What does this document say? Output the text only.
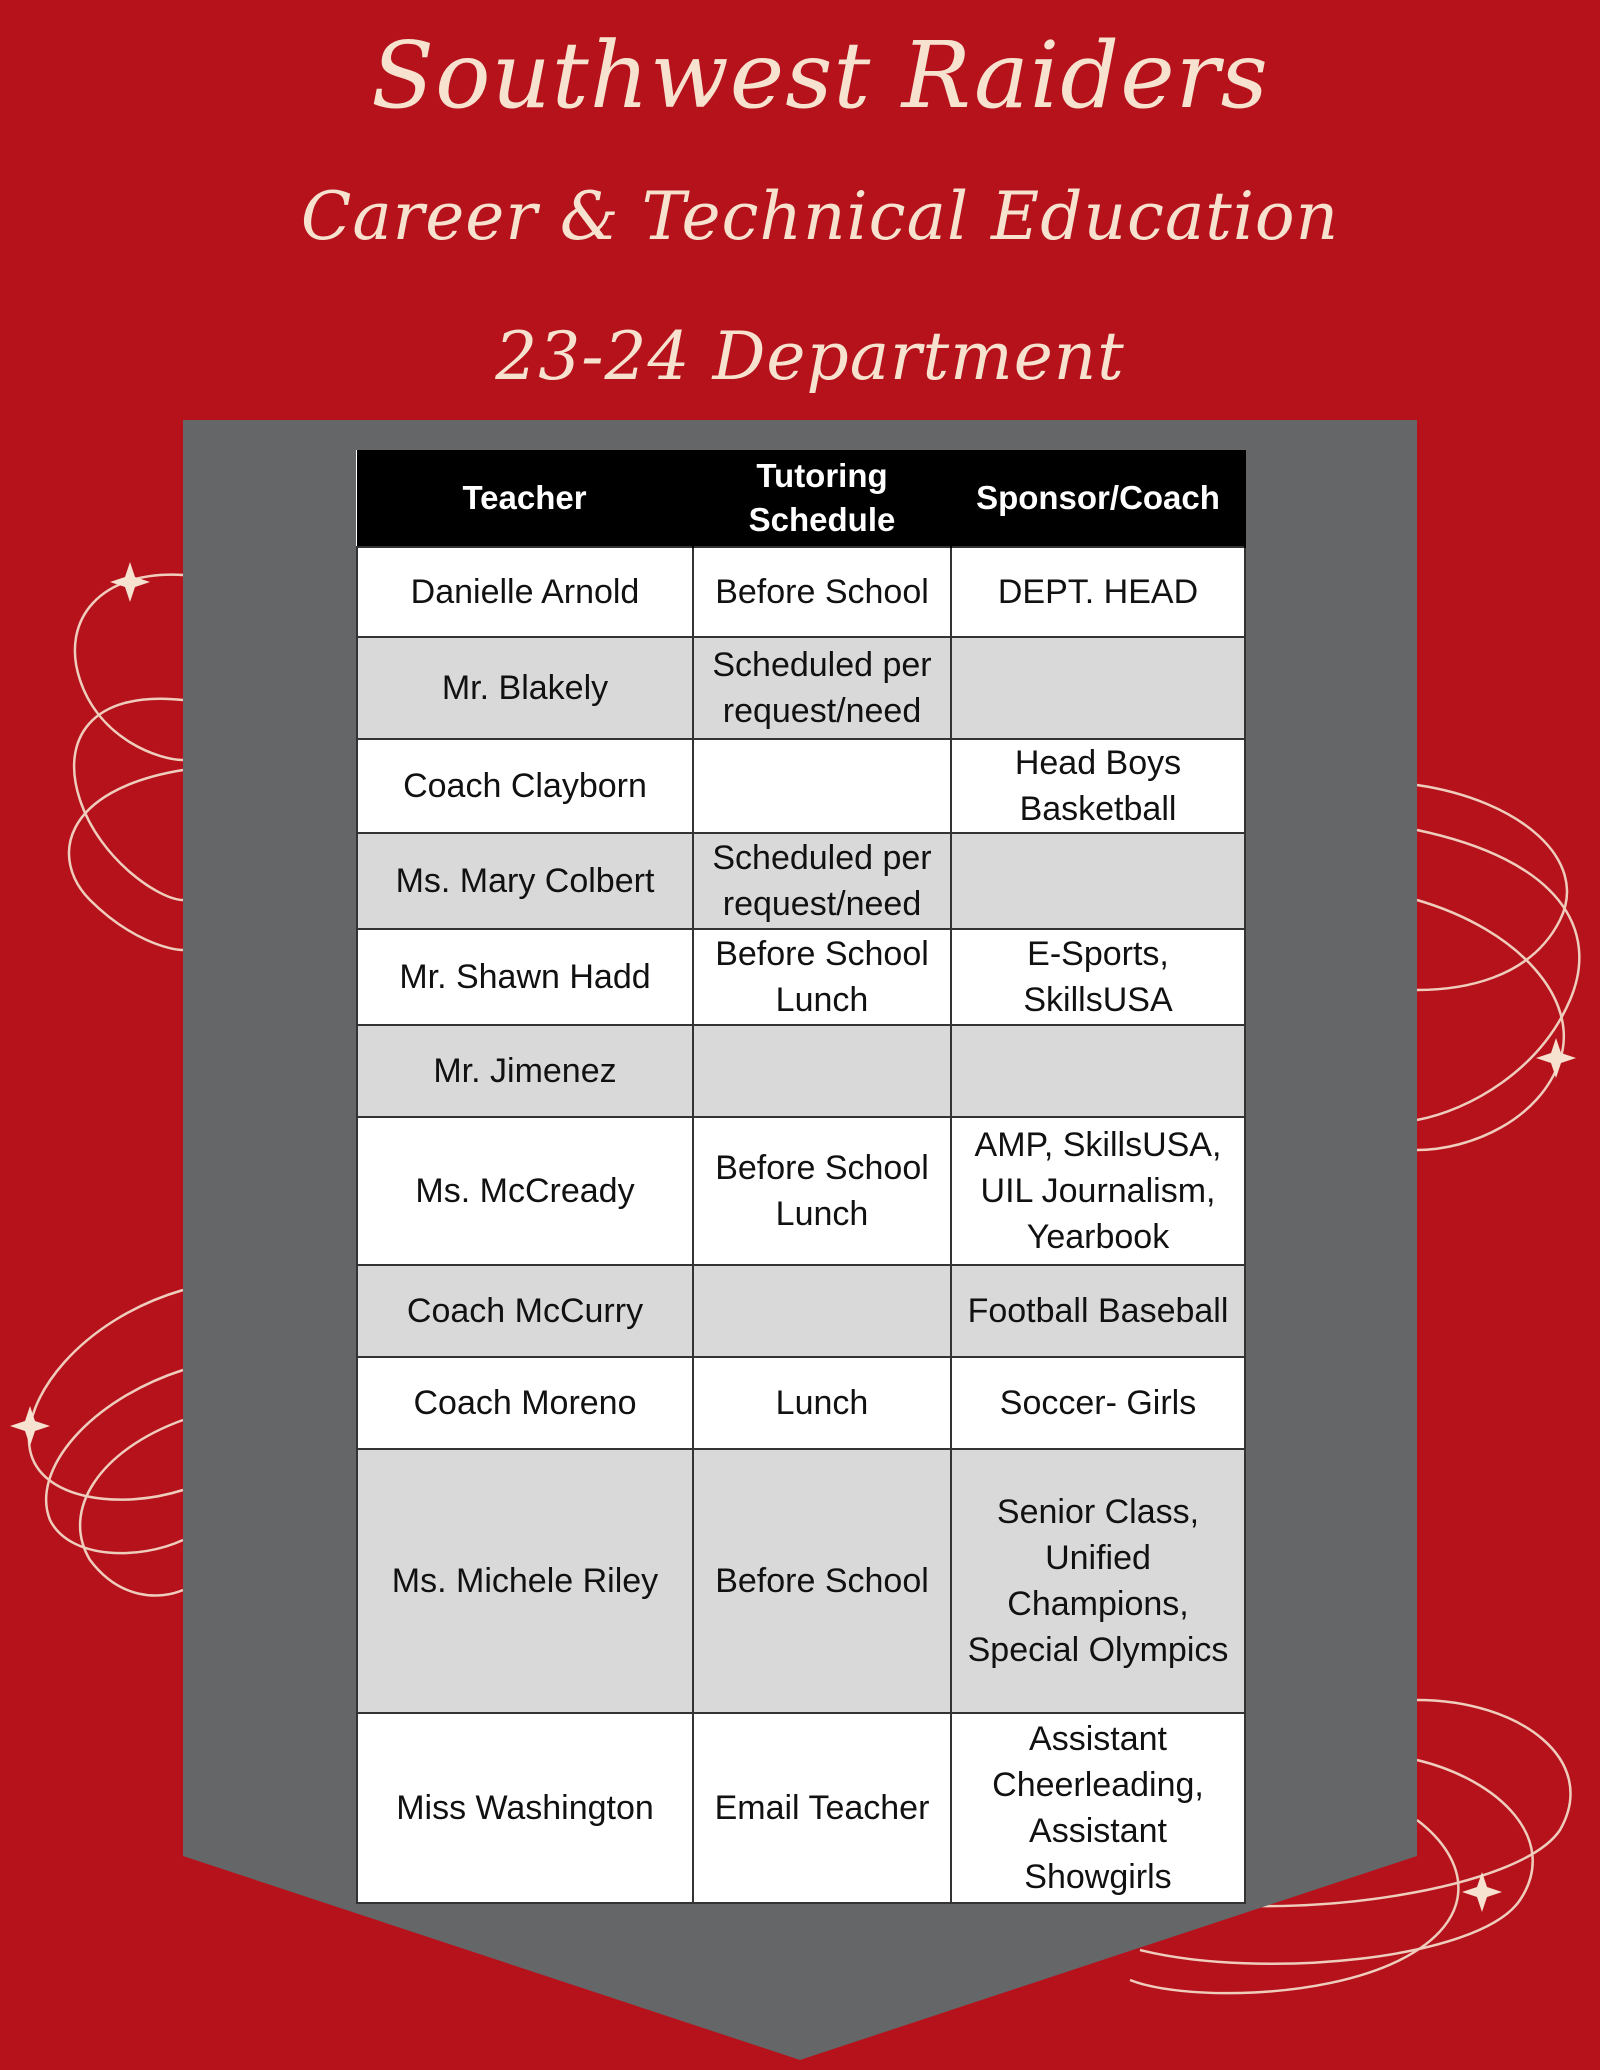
Southwest Raiders
Career & Technical Education
23-24 Department
Teacher	Tutoring Schedule	Sponsor/Coach
Danielle Arnold	Before School	DEPT. HEAD
Mr. Blakely	Scheduled per request/need	
Coach Clayborn		Head Boys Basketball
Ms. Mary Colbert	Scheduled per request/need	
Mr. Shawn Hadd	Before School Lunch	E-Sports, SkillsUSA
Mr. Jimenez		
Ms. McCready	Before School Lunch	AMP, SkillsUSA, UIL Journalism, Yearbook
Coach McCurry		Football Baseball
Coach Moreno	Lunch	Soccer- Girls
Ms. Michele Riley	Before School	Senior Class, Unified Champions, Special Olympics
Miss Washington	Email Teacher	Assistant Cheerleading, Assistant Showgirls
